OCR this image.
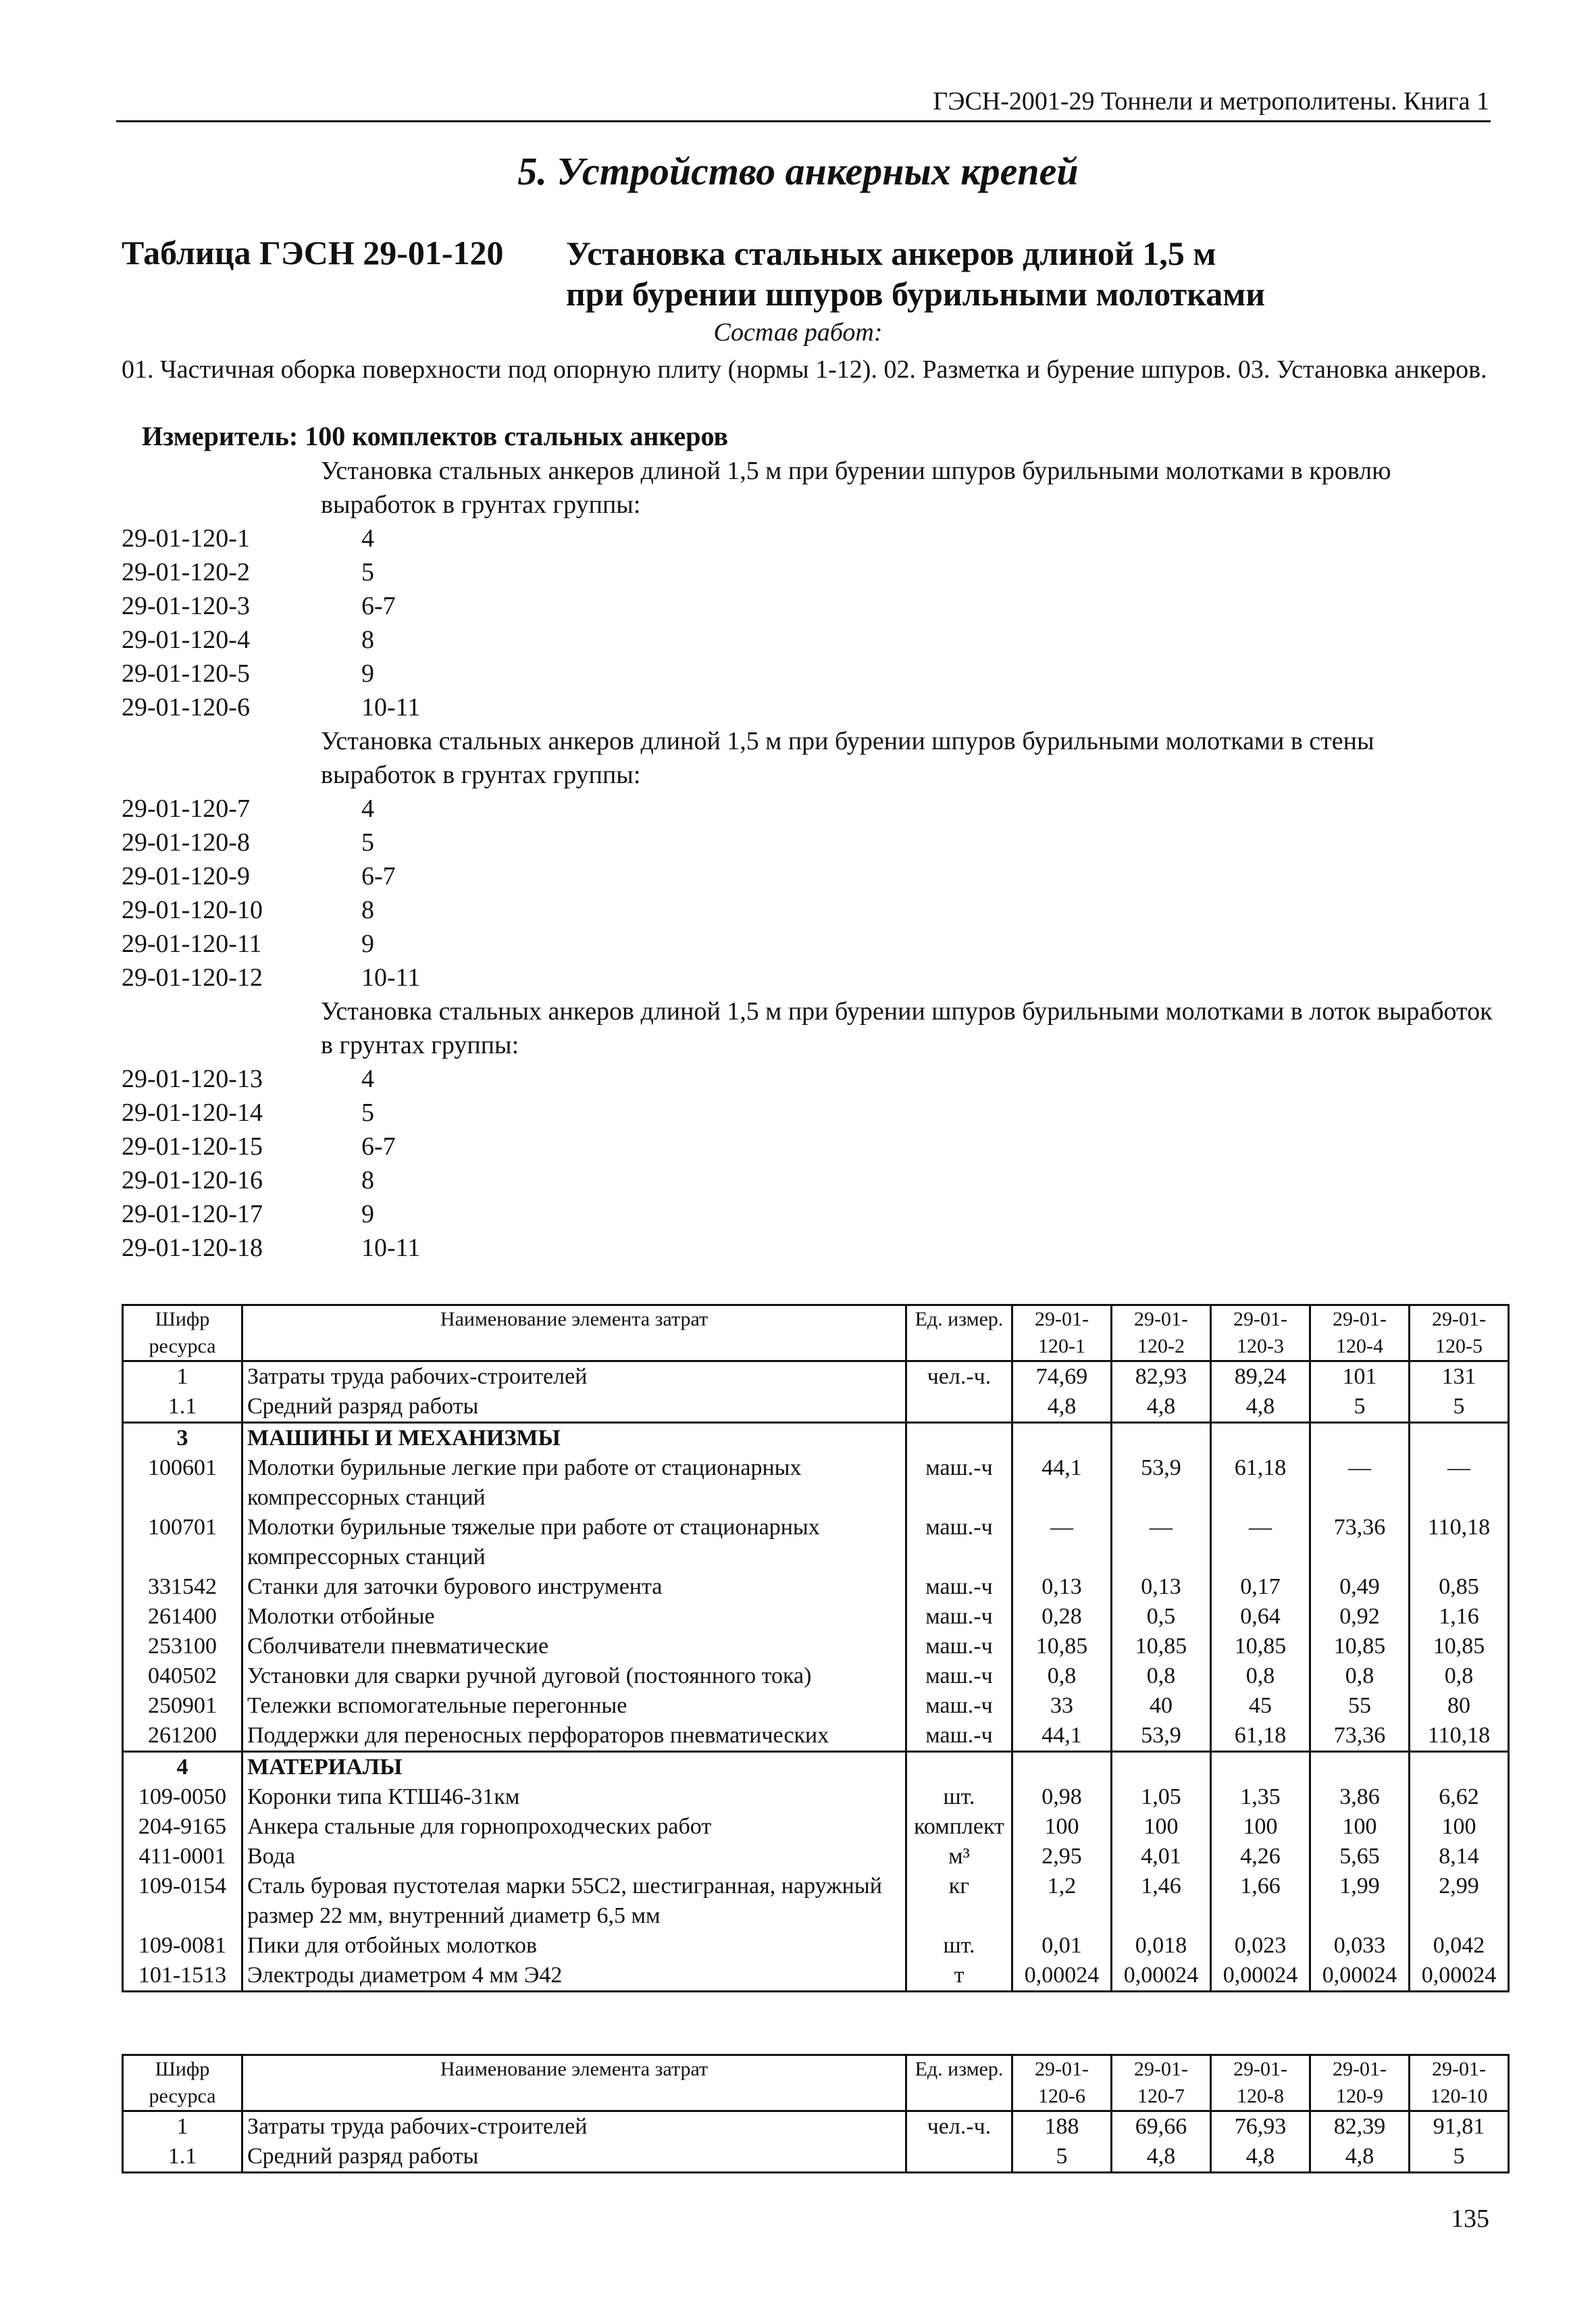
ГЭСН-2001-29 Тоннели и метрополитены. Книга 1
5. Устройство анкерных крепей
Таблица ГЭСН 29-01-120 Установка стальных анкеров длиной 1,5 м
при бурении шпуров бурильными молотками
Состав работ:
01. Частичная оборка поверхности под опорную плиту (нормы 1-12). 02. Разметка и бурение шпуров. 03. Установка анкеров.
Измеритель: 100 комплектов стальных анкеров
Установка стальных анкеров длиной 1,5 м при бурении шпуров бурильными молотками в кровлю выработок в грунтах группы:
29-01-120-1	4
29-01-120-2	5
29-01-120-3	6-7
29-01-120-4	8
29-01-120-5	9
29-01-120-6	10-11
Установка стальных анкеров длиной 1,5 м при бурении шпуров бурильными молотками в стены выработок в грунтах группы:
29-01-120-7	4
29-01-120-8	5
29-01-120-9	6-7
29-01-120-10	8
29-01-120-11	9
29-01-120-12	10-11
Установка стальных анкеров длиной 1,5 м при бурении шпуров бурильными молотками в лоток выработок в грунтах группы:
29-01-120-13	4
29-01-120-14	5
29-01-120-15	6-7
29-01-120-16	8
29-01-120-17	9
29-01-120-18	10-11
Шифр ресурса	Наименование элемента затрат	Ед. измер.	29-01-120-1	29-01-120-2	29-01-120-3	29-01-120-4	29-01-120-5
1	Затраты труда рабочих-строителей	чел.-ч.	74,69	82,93	89,24	101	131
1.1	Средний разряд работы		4,8	4,8	4,8	5	5
3	МАШИНЫ И МЕХАНИЗМЫ						
100601	Молотки бурильные легкие при работе от стационарных компрессорных станций	маш.-ч	44,1	53,9	61,18	—	—
100701	Молотки бурильные тяжелые при работе от стационарных компрессорных станций	маш.-ч	—	—	—	73,36	110,18
331542	Станки для заточки бурового инструмента	маш.-ч	0,13	0,13	0,17	0,49	0,85
261400	Молотки отбойные	маш.-ч	0,28	0,5	0,64	0,92	1,16
253100	Сболчиватели пневматические	маш.-ч	10,85	10,85	10,85	10,85	10,85
040502	Установки для сварки ручной дуговой (постоянного тока)	маш.-ч	0,8	0,8	0,8	0,8	0,8
250901	Тележки вспомогательные перегонные	маш.-ч	33	40	45	55	80
261200	Поддержки для переносных перфораторов пневматических	маш.-ч	44,1	53,9	61,18	73,36	110,18
4	МАТЕРИАЛЫ						
109-0050	Коронки типа КТШ46-31км	шт.	0,98	1,05	1,35	3,86	6,62
204-9165	Анкера стальные для горнопроходческих работ	комплект	100	100	100	100	100
411-0001	Вода	м³	2,95	4,01	4,26	5,65	8,14
109-0154	Сталь буровая пустотелая марки 55С2, шестигранная, наружный размер 22 мм, внутренний диаметр 6,5 мм	кг	1,2	1,46	1,66	1,99	2,99
109-0081	Пики для отбойных молотков	шт.	0,01	0,018	0,023	0,033	0,042
101-1513	Электроды диаметром 4 мм Э42	т	0,00024	0,00024	0,00024	0,00024	0,00024
Шифр ресурса	Наименование элемента затрат	Ед. измер.	29-01-120-6	29-01-120-7	29-01-120-8	29-01-120-9	29-01-120-10
1	Затраты труда рабочих-строителей	чел.-ч.	188	69,66	76,93	82,39	91,81
1.1	Средний разряд работы		5	4,8	4,8	4,8	5
135
